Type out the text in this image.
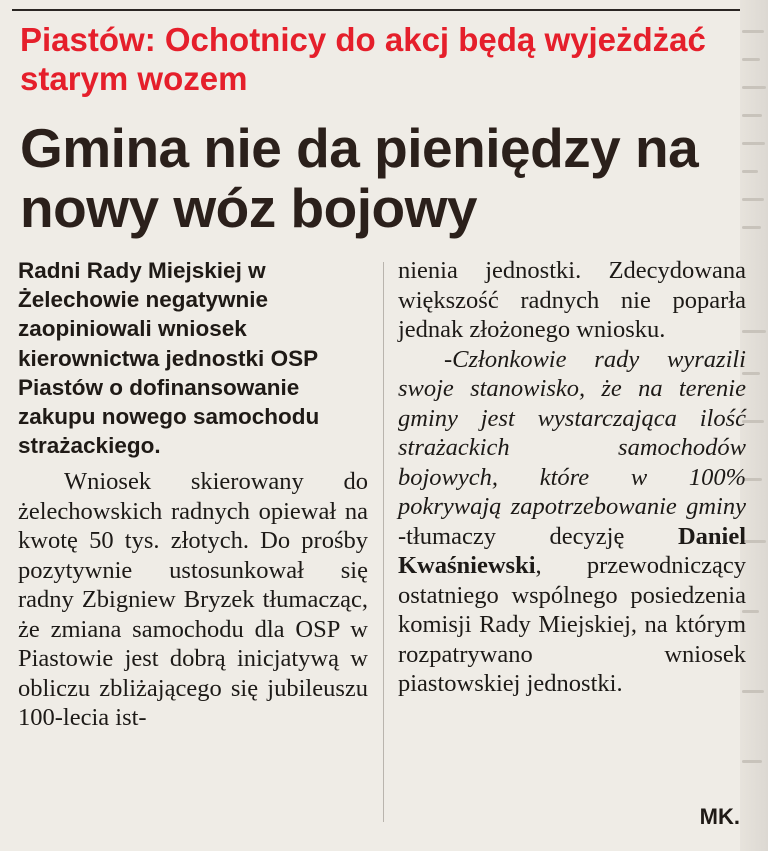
Piastów: Ochotnicy do akcj będą wyjeżdżać starym wozem
Gmina nie da pieniędzy na nowy wóz bojowy

Radni Rady Miejskiej w Żelechowie negatywnie zaopiniowali wniosek kierownictwa jednostki OSP Piastów o dofinansowanie zakupu nowego samochodu strażackiego.

Wniosek skierowany do żelechowskich radnych opiewał na kwotę 50 tys. złotych. Do prośby pozytywnie ustosunkował się radny Zbigniew Bryzek tłumacząc, że zmiana samochodu dla OSP w Piastowie jest dobrą inicjatywą w obliczu zbliżającego się jubileuszu 100-lecia ist-

nienia jednostki. Zdecydowana większość radnych nie poparła jednak złożonego wniosku.

-Członkowie rady wyrazili swoje stanowisko, że na terenie gminy jest wystarczająca ilość strażackich samochodów bojowych, które w 100% pokrywają zapotrzebowanie gminy -tłumaczy decyzję Daniel Kwaśniewski, przewodniczący ostatniego wspólnego posiedzenia komisji Rady Miejskiej, na którym rozpatrywano wniosek piastowskiej jednostki.

MK.
